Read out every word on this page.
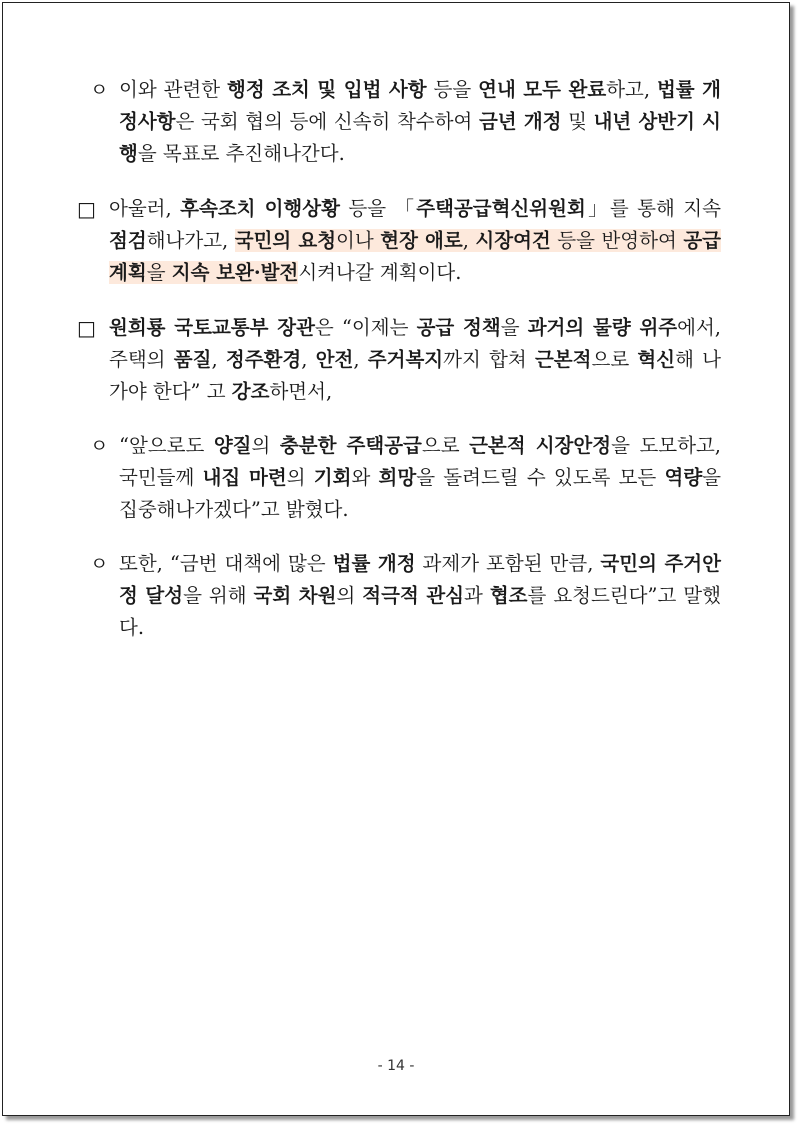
ㅇ 이와 관련한 행정 조치 및 입법 사항 등을 연내 모두 완료하고, 법률 개정사항은 국회 협의 등에 신속히 착수하여 금년 개정 및 내년 상반기 시행을 목표로 추진해나간다.
□ 아울러, 후속조치 이행상황 등을 「주택공급혁신위원회」를 통해 지속 점검해나가고, 국민의 요청이나 현장 애로, 시장여건 등을 반영하여 공급계획을 지속 보완·발전시켜나갈 계획이다.
□ 원희룡 국토교통부 장관은 “이제는 공급 정책을 과거의 물량 위주에서, 주택의 품질, 정주환경, 안전, 주거복지까지 합쳐 근본적으로 혁신해 나가야 한다” 고 강조하면서,
ㅇ “앞으로도 양질의 충분한 주택공급으로 근본적 시장안정을 도모하고, 국민들께 내집 마련의 기회와 희망을 돌려드릴 수 있도록 모든 역량을 집중해나가겠다”고 밝혔다.
ㅇ 또한, “금번 대책에 많은 법률 개정 과제가 포함된 만큼, 국민의 주거안정 달성을 위해 국회 차원의 적극적 관심과 협조를 요청드린다”고 말했다.
- 14 -
